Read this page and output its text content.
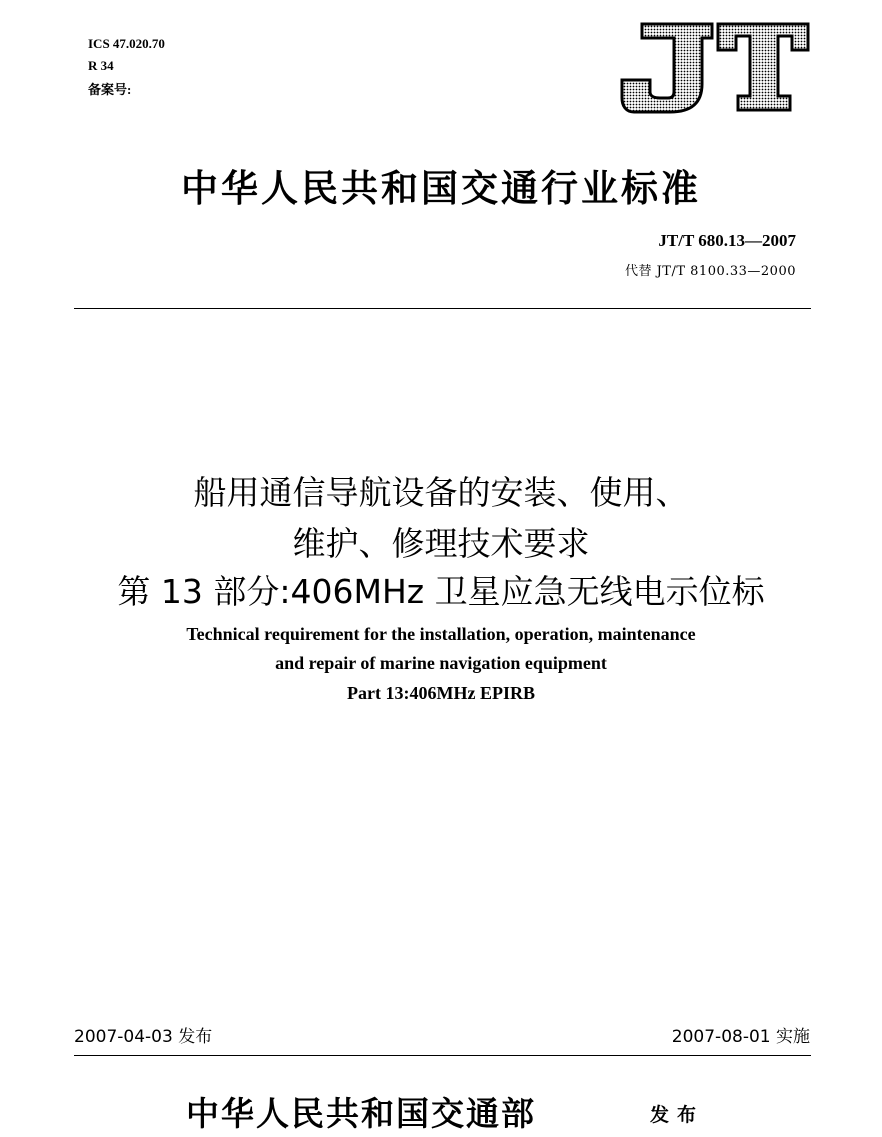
ICS 47.020.70
R 34
备案号:
中华人民共和国交通行业标准
JT/T 680.13—2007
代替 JT/T 8100.33—2000
船用通信导航设备的安装、使用、
维护、修理技术要求
第 13 部分:406MHz 卫星应急无线电示位标
Technical requirement for the installation, operation, maintenance
and repair of marine navigation equipment
Part 13:406MHz EPIRB
2007-04-03 发布	2007-08-01 实施
中华人民共和国交通部	发布
